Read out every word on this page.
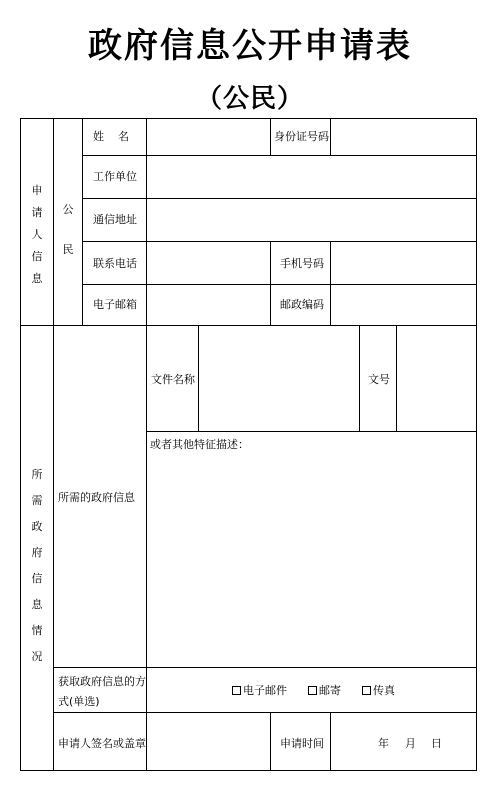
政府信息公开申请表
（公民）
申请人信息
公民
姓    名	身份证号码
工作单位
通信地址
联系电话	手机号码
电子邮箱	邮政编码
所需政府信息情况
所需的政府信息
文件名称	文号
或者其他特征描述：
获取政府信息的方
式(单选)
电子邮件	邮寄	传真
申请人签名或盖章	申请时间	年 月 日
